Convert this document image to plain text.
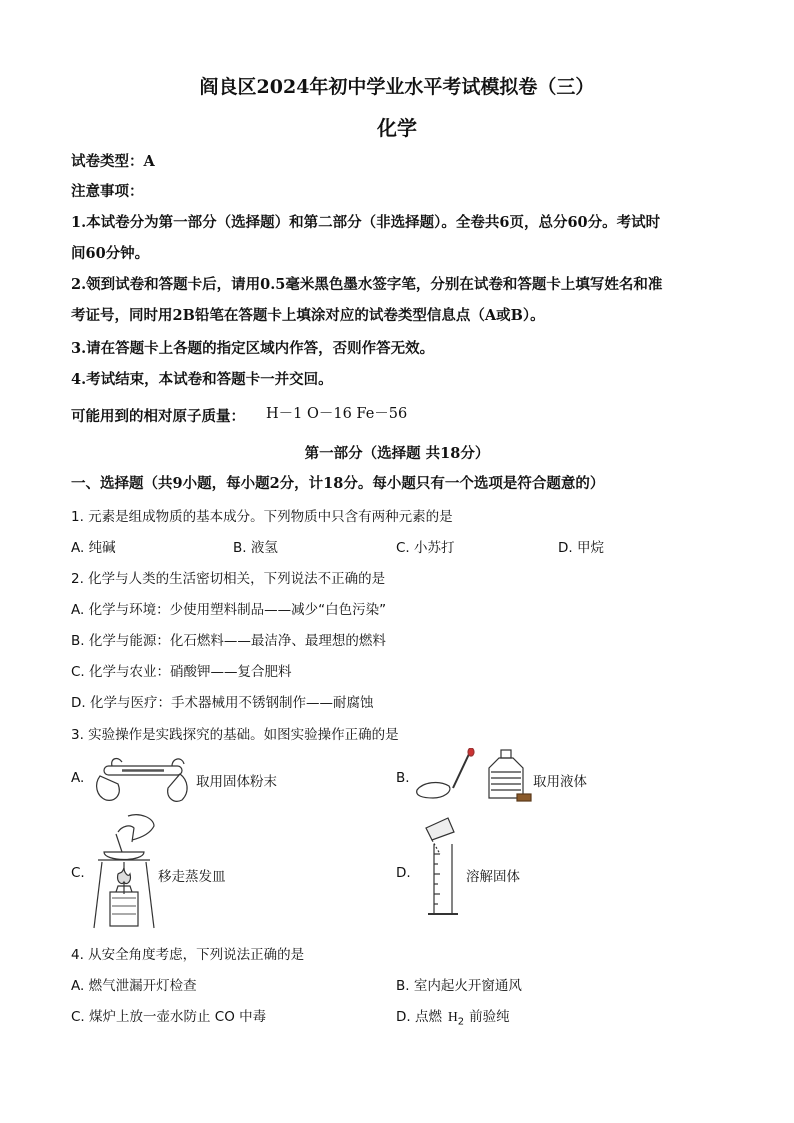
阎良区2024年初中学业水平考试模拟卷（三）
化学
试卷类型：A
注意事项：
1.本试卷分为第一部分（选择题）和第二部分（非选择题）。全卷共6页，总分60分。考试时
间60分钟。
2.领到试卷和答题卡后，请用0.5毫米黑色墨水签字笔，分别在试卷和答题卡上填写姓名和准
考证号，同时用2B铅笔在答题卡上填涂对应的试卷类型信息点（A或B）。
3.请在答题卡上各题的指定区域内作答，否则作答无效。
4.考试结束，本试卷和答题卡一并交回。
可能用到的相对原子质量： H－1 O－16 Fe－56
第一部分（选择题 共18分）
一、选择题（共9小题，每小题2分，计18分。每小题只有一个选项是符合题意的）
1. 元素是组成物质的基本成分。下列物质中只含有两种元素的是
A. 纯碱	B. 液氢	C. 小苏打	D. 甲烷
2. 化学与人类的生活密切相关，下列说法不正确的是
A. 化学与环境：少使用塑料制品——减少“白色污染”
B. 化学与能源：化石燃料——最洁净、最理想的燃料
C. 化学与农业：硝酸钾——复合肥料
D. 化学与医疗：手术器械用不锈钢制作——耐腐蚀
3. 实验操作是实践探究的基础。如图实验操作正确的是
A.	取用固体粉末	B.	取用液体
C.	移走蒸发皿	D.	溶解固体
4. 从安全角度考虑，下列说法正确的是
A. 燃气泄漏开灯检查	B. 室内起火开窗通风
C. 煤炉上放一壶水防止 CO 中毒	D. 点燃 $H_2$ 前验纯
